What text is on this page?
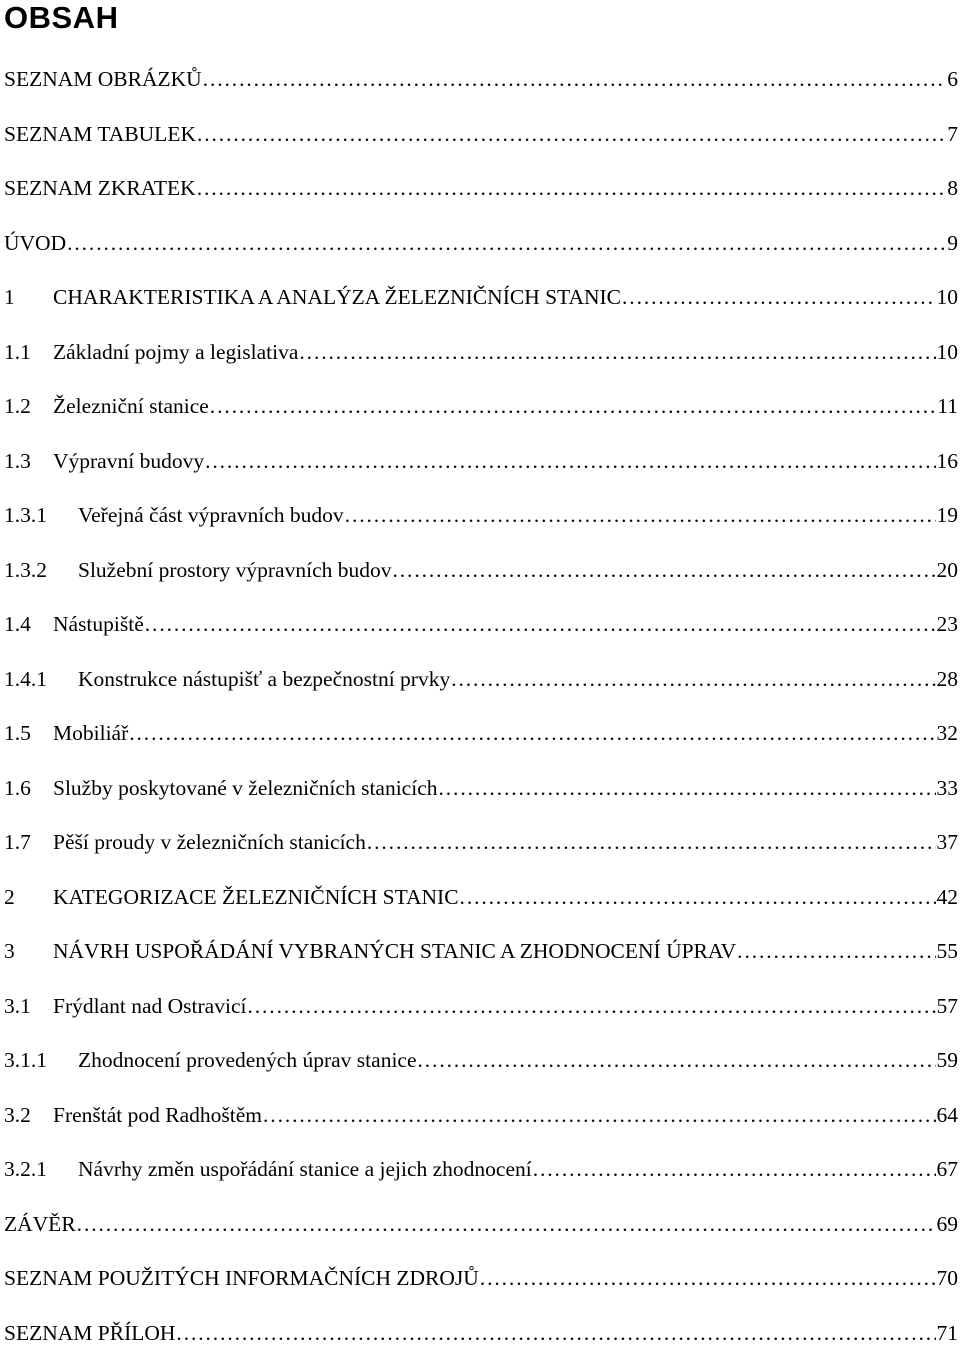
OBSAH
SEZNAM OBRÁZKŮ .....	6
SEZNAM TABULEK .....	7
SEZNAM ZKRATEK .....	8
ÚVOD .....	9
1	CHARAKTERISTIKA A ANALÝZA ŽELEZNIČNÍCH STANIC .....	10
1.1	Základní pojmy a legislativa .....	10
1.2	Železniční stanice .....	11
1.3	Výpravní budovy .....	16
1.3.1	Veřejná část výpravních budov .....	19
1.3.2	Služební prostory výpravních budov .....	20
1.4	Nástupiště .....	23
1.4.1	Konstrukce nástupišť a bezpečnostní prvky .....	28
1.5	Mobiliář .....	32
1.6	Služby poskytované v železničních stanicích .....	33
1.7	Pěší proudy v železničních stanicích .....	37
2	KATEGORIZACE ŽELEZNIČNÍCH STANIC .....	42
3	NÁVRH USPOŘÁDÁNÍ VYBRANÝCH STANIC A ZHODNOCENÍ ÚPRAV .....	55
3.1	Frýdlant nad Ostravicí .....	57
3.1.1	Zhodnocení provedených úprav stanice .....	59
3.2	Frenštát pod Radhoštěm .....	64
3.2.1	Návrhy změn uspořádání stanice a jejich zhodnocení .....	67
ZÁVĚR .....	69
SEZNAM POUŽITÝCH INFORMAČNÍCH ZDROJŮ .....	70
SEZNAM PŘÍLOH .....	71
